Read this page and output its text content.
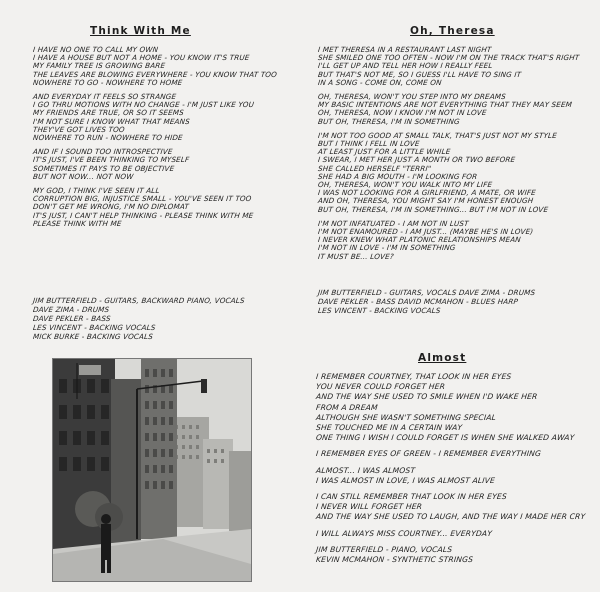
Think With Me
I HAVE NO ONE TO CALL MY OWN
I HAVE A HOUSE BUT NOT A HOME - YOU KNOW IT'S TRUE
MY FAMILY TREE IS GROWING BARE
THE LEAVES ARE BLOWING EVERYWHERE - YOU KNOW THAT TOO
NOWHERE TO GO - NOWHERE TO HOME
AND EVERYDAY IT FEELS SO STRANGE
I GO THRU MOTIONS WITH NO CHANGE - I'M JUST LIKE YOU
MY FRIENDS ARE TRUE, OR SO IT SEEMS
I'M NOT SURE I KNOW WHAT THAT MEANS
THEY'VE GOT LIVES TOO
NOWHERE TO RUN - NOWHERE TO HIDE
AND IF I SOUND TOO INTROSPECTIVE
IT'S JUST, I'VE BEEN THINKING TO MYSELF
SOMETIMES IT PAYS TO BE OBJECTIVE
BUT NOT NOW... NOT NOW
MY GOD, I THINK I'VE SEEN IT ALL
CORRUPTION BIG, INJUSTICE SMALL - YOU'VE SEEN IT TOO
DON'T GET ME WRONG, I'M NO DIPLOMAT
IT'S JUST, I CAN'T HELP THINKING - PLEASE THINK WITH ME
PLEASE THINK WITH ME
JIM BUTTERFIELD - GUITARS, BACKWARD PIANO, VOCALS
DAVE ZIMA - DRUMS
DAVE PEKLER - BASS
LES VINCENT - BACKING VOCALS
MICK BURKE - BACKING VOCALS
Oh, Theresa
I MET THERESA IN A RESTAURANT LAST NIGHT
SHE SMILED ONE TOO OFTEN - NOW I'M ON THE TRACK THAT'S RIGHT
I'LL GET UP AND TELL HER HOW I REALLY FEEL
BUT THAT'S NOT ME, SO I GUESS I'LL HAVE TO SING IT
IN A SONG - COME ON, COME ON
OH, THERESA, WON'T YOU STEP INTO MY DREAMS
MY BASIC INTENTIONS ARE NOT EVERYTHING THAT THEY MAY SEEM
OH, THERESA, NOW I KNOW I'M NOT IN LOVE
BUT OH, THERESA, I'M IN SOMETHING
I'M NOT TOO GOOD AT SMALL TALK, THAT'S JUST NOT MY STYLE
BUT I THINK I FELL IN LOVE
AT LEAST JUST FOR A LITTLE WHILE
I SWEAR, I MET HER JUST A MONTH OR TWO BEFORE
SHE CALLED HERSELF "TERRI"
SHE HAD A BIG MOUTH - I'M LOOKING FOR
OH, THERESA, WON'T YOU WALK INTO MY LIFE
I WAS NOT LOOKING FOR A GIRLFRIEND, A MATE, OR WIFE
AND OH, THERESA, YOU MIGHT SAY I'M HONEST ENOUGH
BUT OH, THERESA, I'M IN SOMETHING... BUT I'M NOT IN LOVE
I'M NOT INFATUATED - I AM NOT IN LUST
I'M NOT ENAMOURED - I AM JUST... (MAYBE HE'S IN LOVE)
I NEVER KNEW WHAT PLATONIC RELATIONSHIPS MEAN
I'M NOT IN LOVE - I'M IN SOMETHING
IT MUST BE... LOVE?
JIM BUTTERFIELD - GUITARS, VOCALS DAVE ZIMA - DRUMS
DAVE PEKLER - BASS DAVID MCMAHON - BLUES HARP
LES VINCENT - BACKING VOCALS
Almost
I REMEMBER COURTNEY, THAT LOOK IN HER EYES
YOU NEVER COULD FORGET HER
AND THE WAY SHE USED TO SMILE WHEN I'D WAKE HER
FROM A DREAM
ALTHOUGH SHE WASN'T SOMETHING SPECIAL
SHE TOUCHED ME IN A CERTAIN WAY
ONE THING I WISH I COULD FORGET IS WHEN SHE WALKED AWAY
I REMEMBER EYES OF GREEN - I REMEMBER EVERYTHING
ALMOST... I WAS ALMOST
I WAS ALMOST IN LOVE, I WAS ALMOST ALIVE
I CAN STILL REMEMBER THAT LOOK IN HER EYES
I NEVER WILL FORGET HER
AND THE WAY SHE USED TO LAUGH, AND THE WAY I MADE HER CRY
I WILL ALWAYS MISS COURTNEY... EVERYDAY
JIM BUTTERFIELD - PIANO, VOCALS
KEVIN MCMAHON - SYNTHETIC STRINGS
